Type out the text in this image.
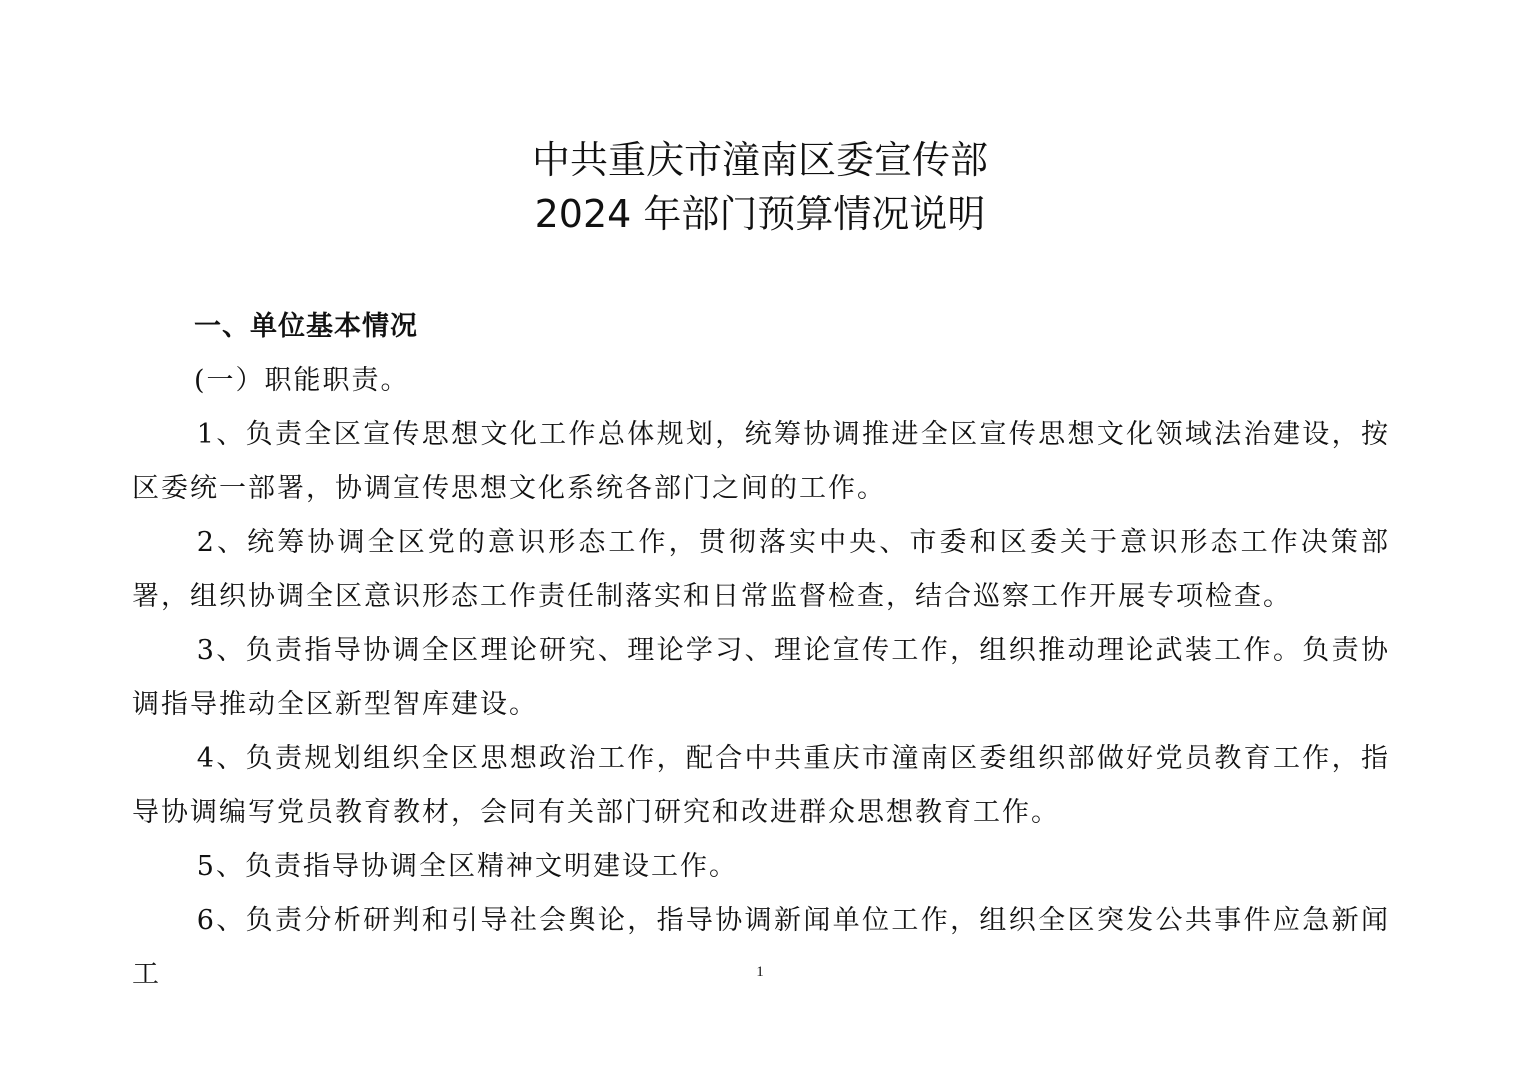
中共重庆市潼南区委宣传部
2024 年部门预算情况说明

一、单位基本情况

(一）职能职责。

1、负责全区宣传思想文化工作总体规划，统筹协调推进全区宣传思想文化领域法治建设，按区委统一部署，协调宣传思想文化系统各部门之间的工作。

2、统筹协调全区党的意识形态工作，贯彻落实中央、市委和区委关于意识形态工作决策部署，组织协调全区意识形态工作责任制落实和日常监督检查，结合巡察工作开展专项检查。

3、负责指导协调全区理论研究、理论学习、理论宣传工作，组织推动理论武装工作。负责协调指导推动全区新型智库建设。

4、负责规划组织全区思想政治工作，配合中共重庆市潼南区委组织部做好党员教育工作，指导协调编写党员教育教材，会同有关部门研究和改进群众思想教育工作。

5、负责指导协调全区精神文明建设工作。

6、负责分析研判和引导社会舆论，指导协调新闻单位工作，组织全区突发公共事件应急新闻工	1
